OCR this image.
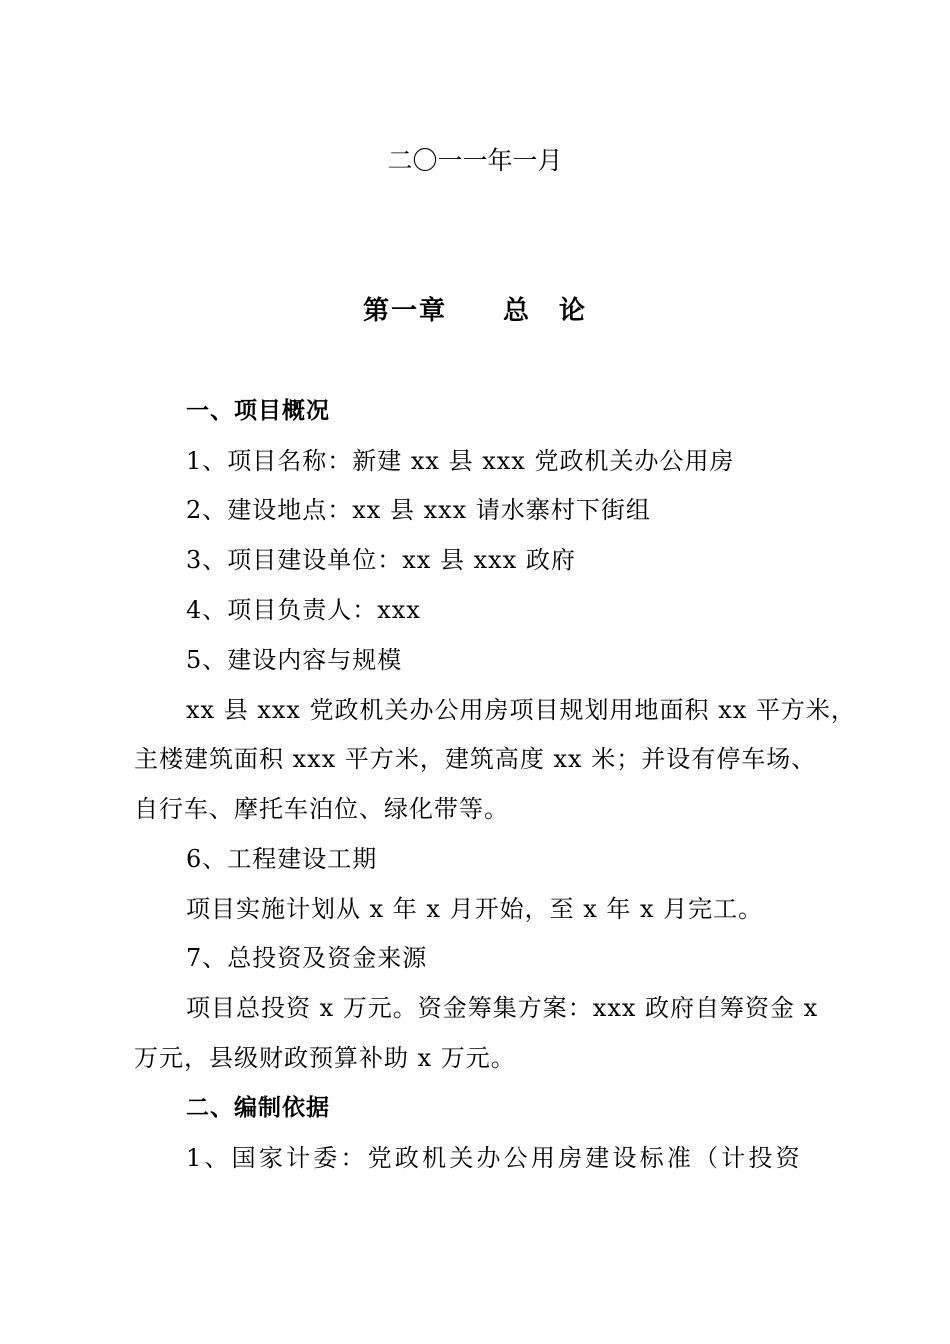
二〇一一年一月
第一章 总　论
一、项目概况
1、项目名称：新建 xx 县 xxx 党政机关办公用房
2、建设地点：xx 县 xxx 请水寨村下街组
3、项目建设单位：xx 县 xxx 政府
4、项目负责人：xxx
5、建设内容与规模
xx 县 xxx 党政机关办公用房项目规划用地面积 xx 平方米，
主楼建筑面积 xxx 平方米，建筑高度 xx 米；并设有停车场、
自行车、摩托车泊位、绿化带等。
6、工程建设工期
项目实施计划从 x 年 x 月开始，至 x 年 x 月完工。
7、总投资及资金来源
项目总投资 x 万元。资金筹集方案：xxx 政府自筹资金 x
万元，县级财政预算补助 x 万元。
二、编制依据
1、国家计委：党政机关办公用房建设标准（计投资
